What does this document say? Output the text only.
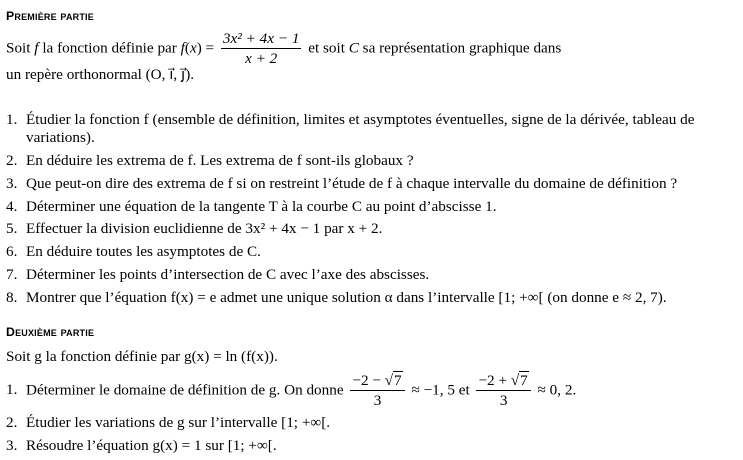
Première partie
Soit f la fonction définie par $f(x) = \frac{\text{3x² + 4x − 1}}{x + 2}$ et soit C sa représentation graphique dans
un repère orthonormal (O, i⃗, j⃗).
1. Étudier la fonction f (ensemble de définition, limites et asymptotes éventuelles, signe de la dérivée, tableau de
variations).
2. En déduire les extrema de f. Les extrema de f sont-ils globaux ?
3. Que peut-on dire des extrema de f si on restreint l’étude de f à chaque intervalle du domaine de définition ?
4. Déterminer une équation de la tangente T à la courbe C au point d’abscisse 1.
5. Effectuer la division euclidienne de 3x² + 4x − 1 par x + 2.
6. En déduire toutes les asymptotes de C.
7. Déterminer les points d’intersection de C avec l’axe des abscisses.
8. Montrer que l’équation f(x) = e admet une unique solution α dans l’intervalle [1; +∞[ (on donne e ≈ 2, 7).
Deuxième partie
Soit g la fonction définie par g(x) = ln (f(x)).
1. Déterminer le domaine de définition de g. On donne $\frac{-2 - √7}{3} \approx -1$, 5 et $\frac{-2 + √7}{3} \approx 0$, 2.
2. Étudier les variations de g sur l’intervalle [1; +∞[.
3. Résoudre l’équation g(x) = 1 sur [1; +∞[.
